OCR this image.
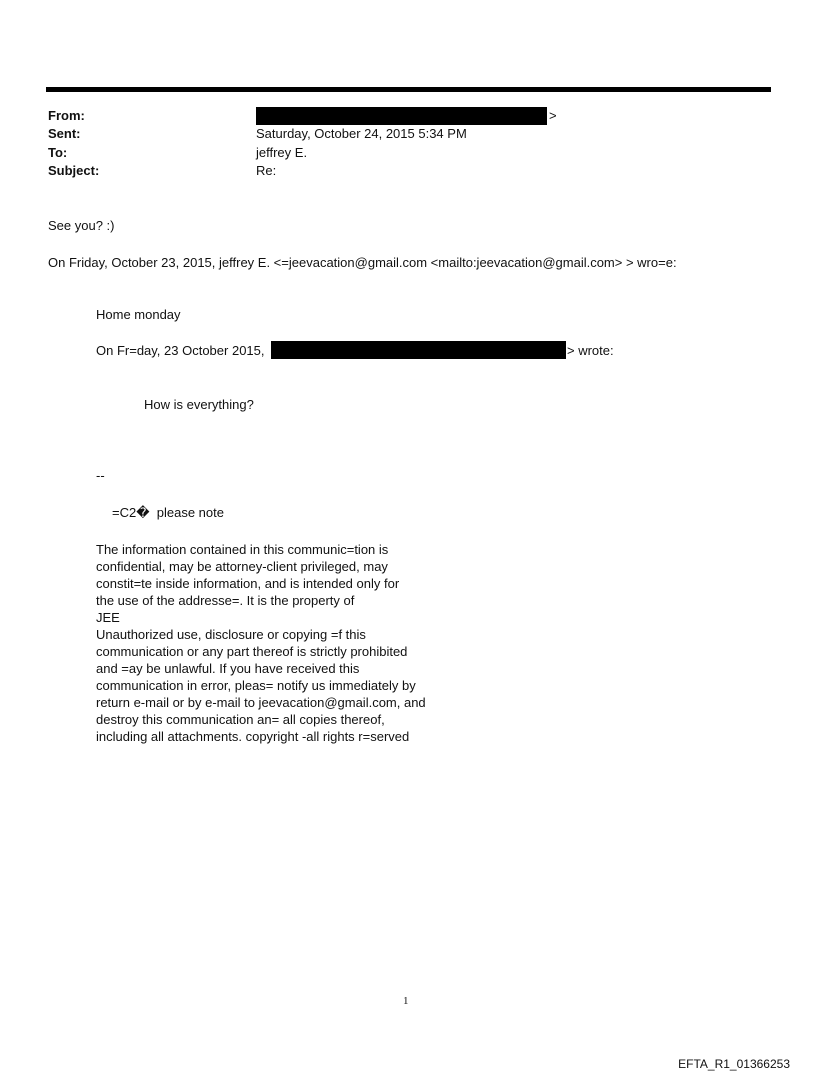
From:	>
Sent:	Saturday, October 24, 2015 5:34 PM
To:	jeffrey E.
Subject:	Re:
See you? :)
On Friday, October 23, 2015, jeffrey E. <=jeevacation@gmail.com <mailto:jeevacation@gmail.com> > wro=e:
Home monday
On Fr=day, 23 October 2015,	> wrote:
How is everything?
--
=C2�  please note
The information contained in this communic=tion is
confidential, may be attorney-client privileged, may
constit=te inside information, and is intended only for
the use of the addresse=. It is the property of
JEE
Unauthorized use, disclosure or copying =f this
communication or any part thereof is strictly prohibited
and =ay be unlawful. If you have received this
communication in error, pleas= notify us immediately by
return e-mail or by e-mail to jeevacation@gmail.com, and
destroy this communication an= all copies thereof,
including all attachments. copyright -all rights r=served
1
EFTA_R1_01366253
